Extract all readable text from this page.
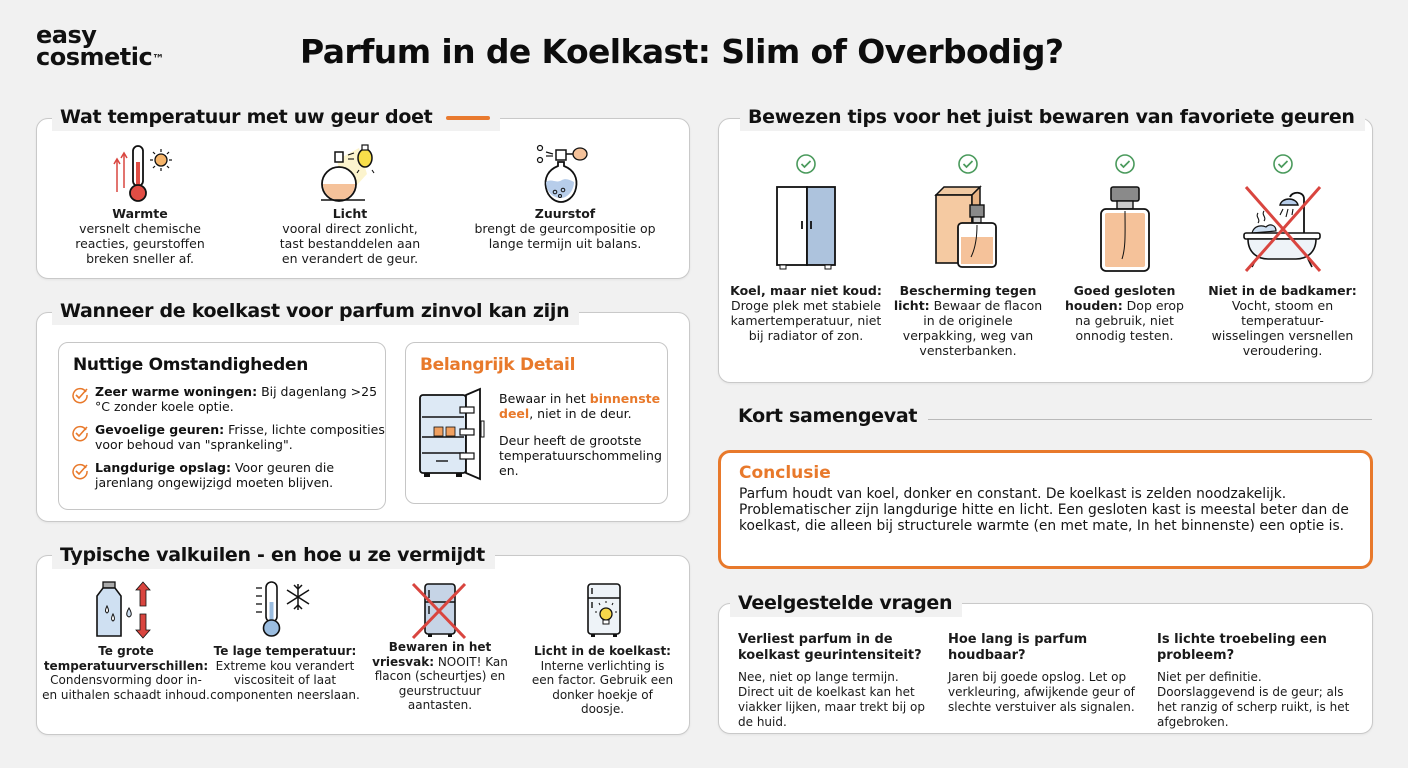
easy
cosmetic™	Parfum in de Koelkast: Slim of Overbodig?
Wat temperatuur met uw geur doet
Warmte
versnelt chemische reacties, geurstoffen breken sneller af.
Licht
vooral direct zonlicht, tast bestanddelen aan en verandert de geur.
Zuurstof
brengt de geurcompositie op lange termijn uit balans.
Wanneer de koelkast voor parfum zinvol kan zijn
Nuttige Omstandigheden
Zeer warme woningen: Bij dagenlang >25 °C zonder koele optie.
Gevoelige geuren: Frisse, lichte composities voor behoud van "sprankeling".
Langdurige opslag: Voor geuren die jarenlang ongewijzigd moeten blijven.
Belangrijk Detail

Bewaar in het binnenste deel, niet in de deur.

Deur heeft de grootste temperatuurschommelingen.

Typische valkuilen - en hoe u ze vermijdt
Te grote temperatuurverschillen:
Condensvorming door in- en uithalen schaadt inhoud.
Te lage temperatuur:
Extreme kou verandert viscositeit of laat componenten neerslaan.
Bewaren in het vriesvak: NOOIT! Kan flacon (scheurtjes) en geurstructuur aantasten.
Licht in de koelkast:
Interne verlichting is een factor. Gebruik een donker hoekje of doosje.
Bewezen tips voor het juist bewaren van favoriete geuren
Koel, maar niet koud: Droge plek met stabiele kamertemperatuur, niet bij radiator of zon.
Bescherming tegen licht: Bewaar de flacon in de originele verpakking, weg van vensterbanken.
Goed gesloten houden: Dop erop na gebruik, niet onnodig testen.
Niet in de badkamer:
Vocht, stoom en temperatuur-wisselingen versnellen veroudering.
Kort samengevat
Conclusie

Parfum houdt van koel, donker en constant. De koelkast is zelden noodzakelijk. Problematischer zijn langdurige hitte en licht. Een gesloten kast is meestal beter dan de koelkast, die alleen bij structurele warmte (en met mate, In het binnenste) een optie is.

Veelgestelde vragen
Verliest parfum in de koelkast geurintensiteit?

Nee, niet op lange termijn. Direct uit de koelkast kan het viakker lijken, maar trekt bij op de huid.

Hoe lang is parfum houdbaar?

Jaren bij goede opslog. Let op verkleuring, afwijkende geur of slechte verstuiver als signalen.

Is lichte troebeling een probleem?

Niet per definitie. Doorslaggevend is de geur; als het ranzig of scherp ruikt, is het afgebroken.
